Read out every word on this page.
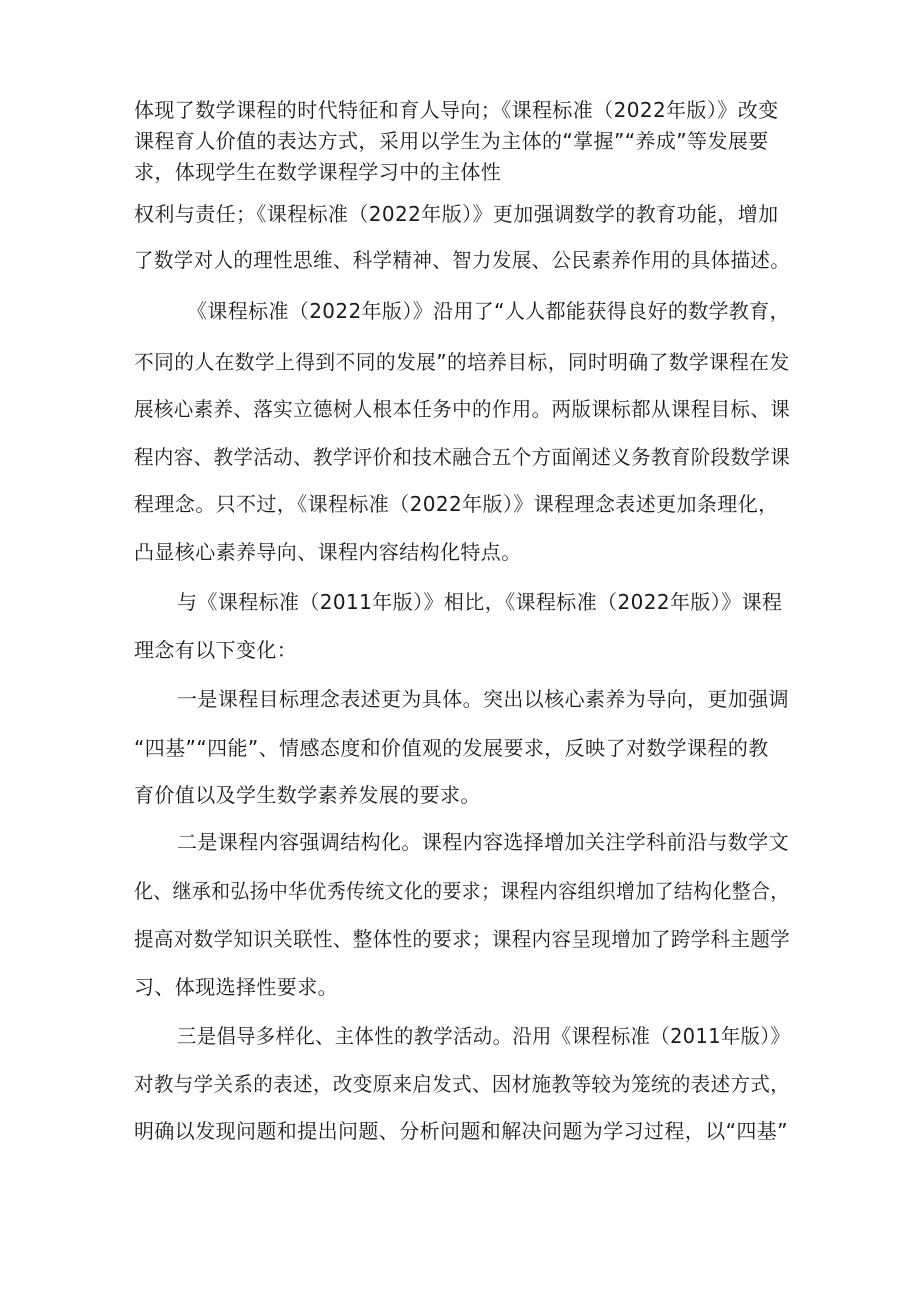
体现了数学课程的时代特征和育人导向；《课程标准（2022年版）》改变
课程育人价值的表达方式，采用以学生为主体的“掌握”“养成”等发展要
求，体现学生在数学课程学习中的主体性
权利与责任；《课程标准（2022年版）》更加强调数学的教育功能，增加
了数学对人的理性思维、科学精神、智力发展、公民素养作用的具体描述。
《课程标准（2022年版）》沿用了“人人都能获得良好的数学教育，
不同的人在数学上得到不同的发展”的培养目标，同时明确了数学课程在发
展核心素养、落实立德树人根本任务中的作用。两版课标都从课程目标、课
程内容、教学活动、教学评价和技术融合五个方面阐述义务教育阶段数学课
程理念。只不过，《课程标准（2022年版）》课程理念表述更加条理化，
凸显核心素养导向、课程内容结构化特点。
与《课程标准（2011年版）》相比，《课程标准（2022年版）》课程
理念有以下变化：
一是课程目标理念表述更为具体。突出以核心素养为导向，更加强调
“四基”“四能”、情感态度和价值观的发展要求，反映了对数学课程的教
育价值以及学生数学素养发展的要求。
二是课程内容强调结构化。课程内容选择增加关注学科前沿与数学文
化、继承和弘扬中华优秀传统文化的要求；课程内容组织增加了结构化整合，
提高对数学知识关联性、整体性的要求；课程内容呈现增加了跨学科主题学
习、体现选择性要求。
三是倡导多样化、主体性的教学活动。沿用《课程标准（2011年版）》
对教与学关系的表述，改变原来启发式、因材施教等较为笼统的表述方式，
明确以发现问题和提出问题、分析问题和解决问题为学习过程，以“四基”
